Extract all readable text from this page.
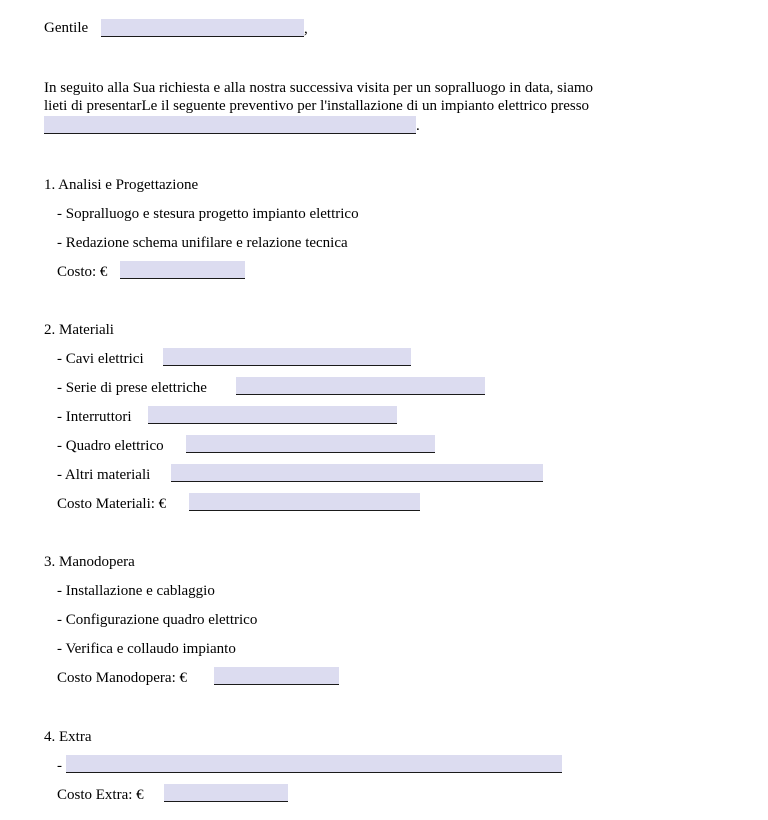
Gentile	,
In seguito alla Sua richiesta e alla nostra successiva visita per un sopralluogo in data, siamo
lieti di presentarLe il seguente preventivo per l'installazione di un impianto elettrico presso
.
1. Analisi e Progettazione
- Sopralluogo e stesura progetto impianto elettrico
- Redazione schema unifilare e relazione tecnica
Costo: €
2. Materiali
- Cavi elettrici
- Serie di prese elettriche
- Interruttori
- Quadro elettrico
- Altri materiali
Costo Materiali: €
3. Manodopera
- Installazione e cablaggio
- Configurazione quadro elettrico
- Verifica e collaudo impianto
Costo Manodopera: €
4. Extra
-
Costo Extra: €
